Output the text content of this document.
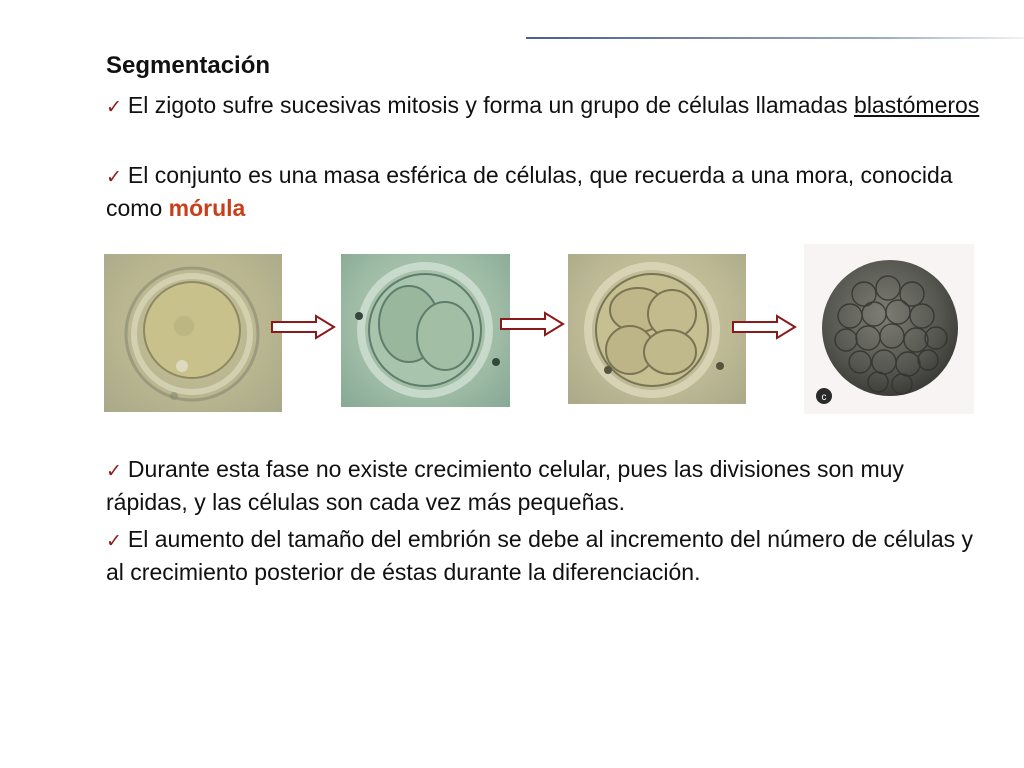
Segmentación
✓ El zigoto sufre sucesivas mitosis y forma un grupo de células llamadas blastómeros
✓ El conjunto es una masa esférica de células, que recuerda a una mora, conocida como mórula
c
✓ Durante esta fase no existe crecimiento celular, pues las divisiones son muy rápidas, y las células son cada vez más pequeñas.
✓ El aumento del tamaño del embrión se debe al incremento del número de células y al crecimiento posterior de éstas durante la diferenciación.
